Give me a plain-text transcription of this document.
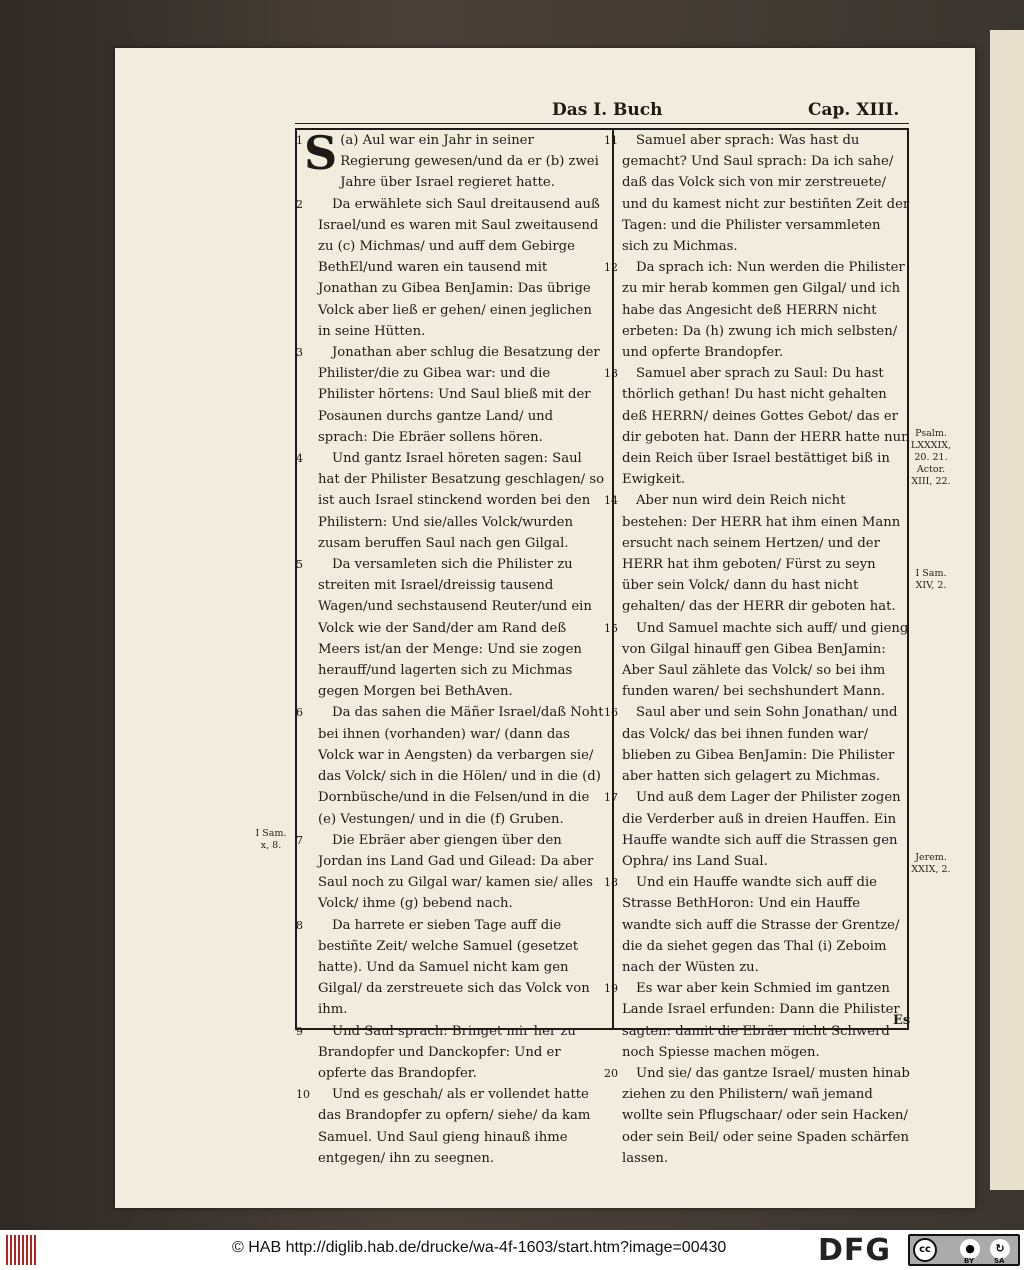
Das I. Buch	Cap. XIII.

1 S (a) Aul war ein Jahr in seiner Regierung gewesen/und da er (b) zwei Jahre über Israel regieret hatte.

2 Da erwählete sich Saul dreitausend auß Israel/und es waren mit Saul zweitausend zu (c) Michmas/ und auff dem Gebirge BethEl/und waren ein tausend mit Jonathan zu Gibea BenJamin: Das übrige Volck aber ließ er gehen/ einen jeglichen in seine Hütten.

3 Jonathan aber schlug die Besatzung der Philister/die zu Gibea war: und die Philister hörtens: Und Saul bließ mit der Posaunen durchs gantze Land/ und sprach: Die Ebräer sollens hören.

4 Und gantz Israel höreten sagen: Saul hat der Philister Besatzung geschlagen/ so ist auch Israel stinckend worden bei den Philistern: Und sie/alles Volck/wurden zusam beruffen Saul nach gen Gilgal.

5 Da versamleten sich die Philister zu streiten mit Israel/dreissig tausend Wagen/und sechstausend Reuter/und ein Volck wie der Sand/der am Rand deß Meers ist/an der Menge: Und sie zogen herauff/und lagerten sich zu Michmas gegen Morgen bei BethAven.

6 Da das sahen die Mäñer Israel/daß Noht bei ihnen (vorhanden) war/ (dann das Volck war in Aengsten) da verbargen sie/ das Volck/ sich in die Hölen/ und in die (d) Dornbüsche/und in die Felsen/und in die (e) Vestungen/ und in die (f) Gruben.

7 Die Ebräer aber giengen über den Jordan ins Land Gad und Gilead: Da aber Saul noch zu Gilgal war/ kamen sie/ alles Volck/ ihme (g) bebend nach.

8 Da harrete er sieben Tage auff die bestiñte Zeit/ welche Samuel (gesetzet hatte). Und da Samuel nicht kam gen Gilgal/ da zerstreuete sich das Volck von ihm.

9 Und Saul sprach: Bringet mir her zu Brandopfer und Danckopfer: Und er opferte das Brandopfer.

10 Und es geschah/ als er vollendet hatte das Brandopfer zu opfern/ siehe/ da kam Samuel. Und Saul gieng hinauß ihme entgegen/ ihn zu seegnen.

11 Samuel aber sprach: Was hast du gemacht? Und Saul sprach: Da ich sahe/ daß das Volck sich von mir zerstreuete/ und du kamest nicht zur bestiñten Zeit der Tagen: und die Philister versammleten sich zu Michmas.

12 Da sprach ich: Nun werden die Philister zu mir herab kommen gen Gilgal/ und ich habe das Angesicht deß HERRN nicht erbeten: Da (h) zwung ich mich selbsten/ und opferte Brandopfer.

13 Samuel aber sprach zu Saul: Du hast thörlich gethan! Du hast nicht gehalten deß HERRN/ deines Gottes Gebot/ das er dir geboten hat. Dann der HERR hatte nun dein Reich über Israel bestättiget biß in Ewigkeit.

14 Aber nun wird dein Reich nicht bestehen: Der HERR hat ihm einen Mann ersucht nach seinem Hertzen/ und der HERR hat ihm geboten/ Fürst zu seyn über sein Volck/ dann du hast nicht gehalten/ das der HERR dir geboten hat.

15 Und Samuel machte sich auff/ und gieng von Gilgal hinauff gen Gibea BenJamin: Aber Saul zählete das Volck/ so bei ihm funden waren/ bei sechshundert Mann.

16 Saul aber und sein Sohn Jonathan/ und das Volck/ das bei ihnen funden war/ blieben zu Gibea BenJamin: Die Philister aber hatten sich gelagert zu Michmas.

17 Und auß dem Lager der Philister zogen die Verderber auß in dreien Hauffen. Ein Hauffe wandte sich auff die Strassen gen Ophra/ ins Land Sual.

18 Und ein Hauffe wandte sich auff die Strasse BethHoron: Und ein Hauffe wandte sich auff die Strasse der Grentze/ die da siehet gegen das Thal (i) Zeboim nach der Wüsten zu.

19 Es war aber kein Schmied im gantzen Lande Israel erfunden: Dann die Philister sagten: damit die Ebräer nicht Schwerd noch Spiesse machen mögen.

20 Und sie/ das gantze Israel/ musten hinab ziehen zu den Philistern/ wañ jemand wollte sein Pflugschaar/ oder sein Hacken/ oder sein Beil/ oder seine Spaden schärfen lassen.

I Sam. x, 8.
Psalm. LXXXIX, 20. 21. Actor. XIII, 22.
I Sam. XIV, 2.
Jerem. XXIX, 2.
Es
© HAB http://diglib.hab.de/drucke/wa-4f-1603/start.htm?image=00430	DFG	cc	●	↻
BY	SA
